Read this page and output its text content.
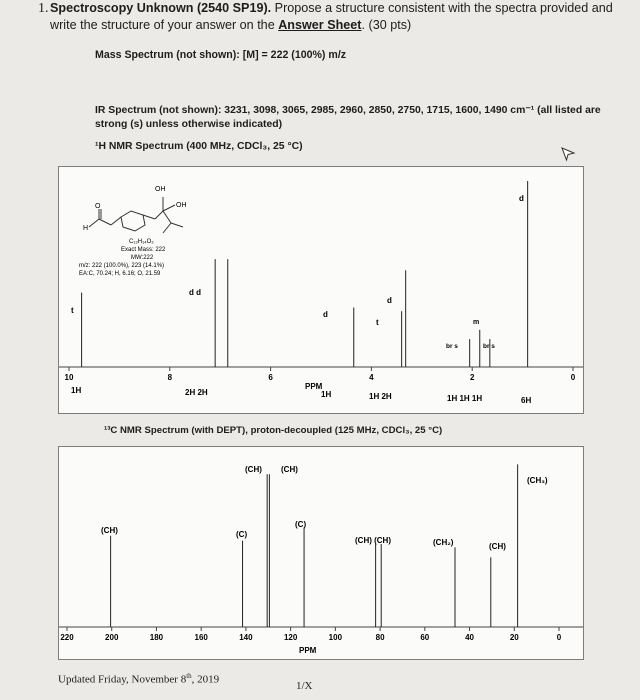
1. Spectroscopy Unknown (2540 SP19). Propose a structure consistent with the spectra provided and
write the structure of your answer on the Answer Sheet. (30 pts)
Mass Spectrum (not shown): [M] = 222 (100%) m/z
IR Spectrum (not shown): 3231, 3098, 3065, 2985, 2960, 2850, 2750, 1715, 1600, 1490 cm⁻¹ (all listed are
strong (s) unless otherwise indicated)
¹H NMR Spectrum (400 MHz, CDCl₃, 25 °C)
OH
OH
O
H
C₁₃H₁₄O₃
Exact Mass: 222
MW:222
m/z: 222 (100.0%), 223 (14.1%)
EA:C, 70.24; H, 6.16; O, 21.59
10	8	6	4	2	0
t
d d
d
d
t	m
br s	br s
d
PPM
1H	2H 2H	1H	1H 2H	1H 1H 1H	6H
¹³C NMR Spectrum (with DEPT), proton-decoupled (125 MHz, CDCl₃, 25 °C)
220	200	180	160	140	120	100	80	60	40	20	0
(CH)
(CH) (CH)
(C)
(C)
(CH) (CH)	(CH₂)	(CH)
(CH₃)
PPM
Updated Friday, November 8th, 2019
1/X
